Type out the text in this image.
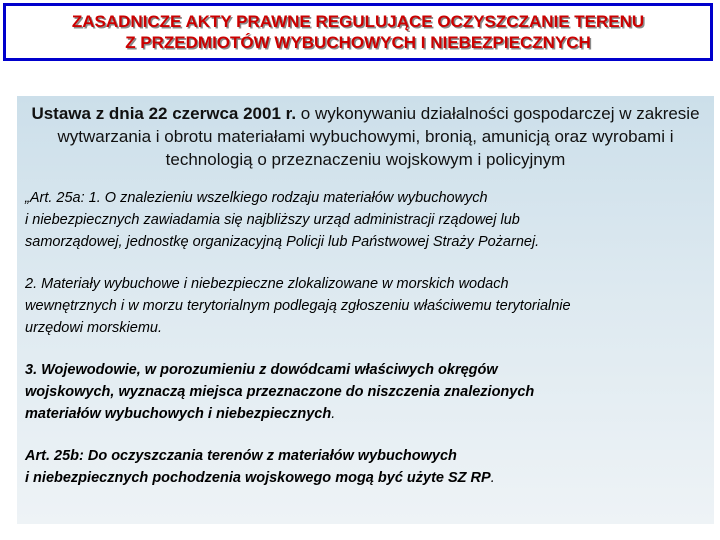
ZASADNICZE AKTY PRAWNE REGULUJĄCE OCZYSZCZANIE TERENU
Z PRZEDMIOTÓW WYBUCHOWYCH I NIEBEZPIECZNYCH

Ustawa z dnia 22 czerwca 2001 r. o wykonywaniu działalności gospodarczej w zakresie wytwarzania i obrotu materiałami wybuchowymi, bronią, amunicją oraz wyrobami i technologią o przeznaczeniu wojskowym i policyjnym

„Art. 25a: 1. O znalezieniu wszelkiego rodzaju materiałów wybuchowych
i niebezpiecznych zawiadamia się najbliższy urząd administracji rządowej lub
samorządowej, jednostkę organizacyjną Policji lub Państwowej Straży Pożarnej.

2. Materiały wybuchowe i niebezpieczne zlokalizowane w morskich wodach
wewnętrznych i w morzu terytorialnym podlegają zgłoszeniu właściwemu terytorialnie
urzędowi morskiemu.

3. Wojewodowie, w porozumieniu z dowódcami właściwych okręgów
wojskowych, wyznaczą miejsca przeznaczone do niszczenia znalezionych
materiałów wybuchowych i niebezpiecznych.

Art. 25b: Do oczyszczania terenów z materiałów wybuchowych
i niebezpiecznych pochodzenia wojskowego mogą być użyte SZ RP.
